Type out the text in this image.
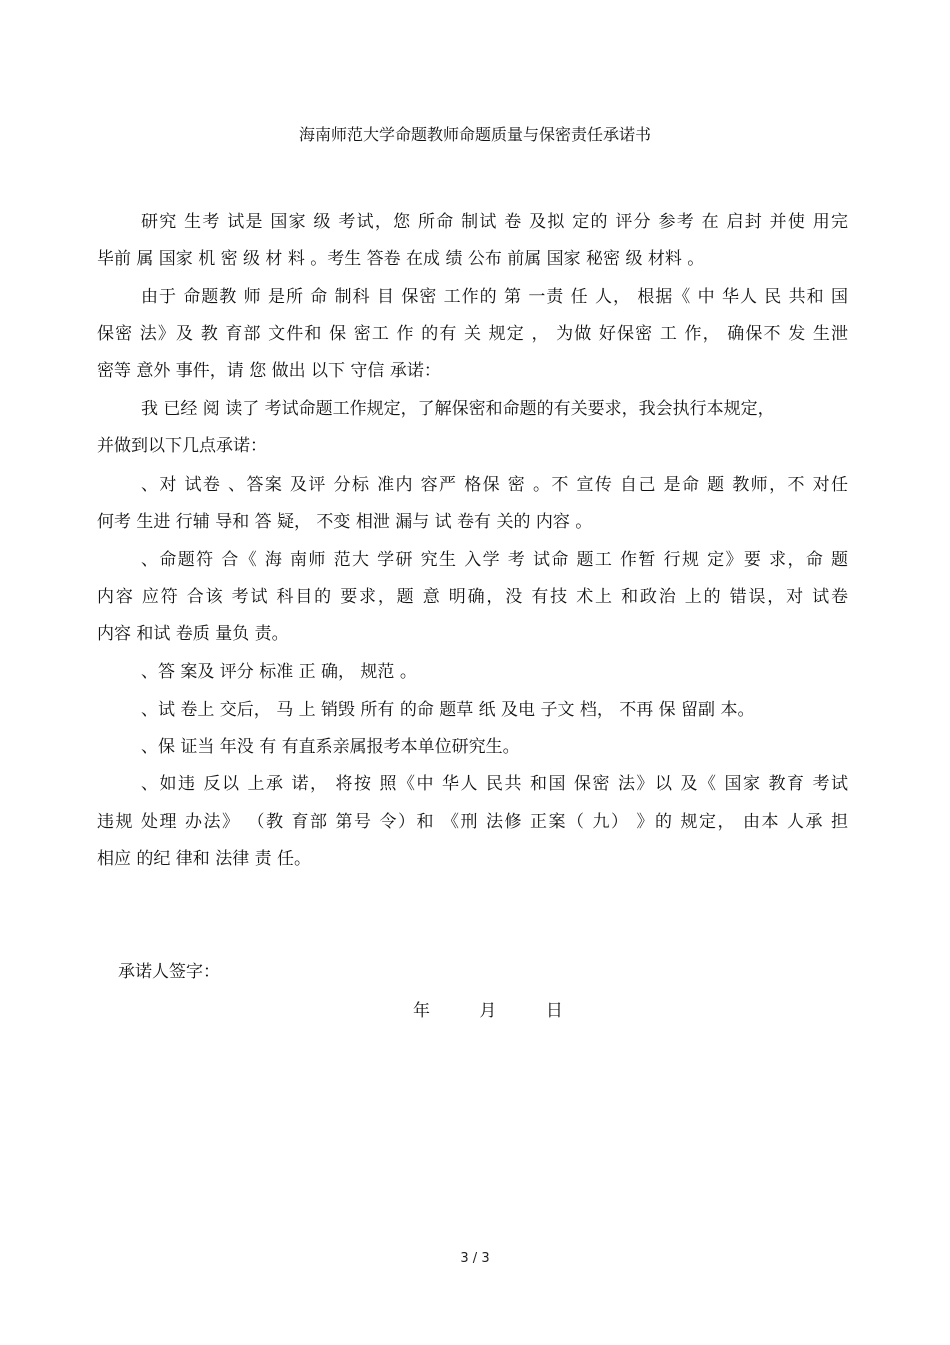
海南师范大学命题教师命题质量与保密责任承诺书
研究 生考 试是 国家 级 考试，您 所命 制试 卷 及拟 定的 评分 参考 在 启封 并使 用完
毕前 属 国家 机 密 级 材 料 。考生 答卷 在成 绩 公布 前属 国家 秘密 级 材料 。
由于 命题教 师 是所 命 制科 目 保密 工作的 第 一责 任 人， 根据《 中 华人 民 共和 国
保密 法》及 教 育部 文件和 保 密工 作 的有 关 规定 ， 为做 好保密 工 作， 确保不 发 生泄
密等 意外 事件，请 您 做出 以下 守信 承诺：
我 已经 阅 读了 考试命题工作规定，了解保密和命题的有关要求，我会执行本规定，
并做到以下几点承诺：
、对 试卷 、答案 及评 分标 准内 容严 格保 密 。不 宣传 自己 是命 题 教师，不 对任
何考 生进 行辅 导和 答 疑， 不变 相泄 漏与 试 卷有 关的 内容 。
、命题符 合《 海 南师 范大 学研 究生 入学 考 试命 题工 作暂 行规 定》要 求，命 题
内容 应符 合该 考试 科目的 要求，题 意 明确，没 有技 术上 和政治 上的 错误，对 试卷
内容 和试 卷质 量负 责。
、答 案及 评分 标准 正 确， 规范 。
、试 卷上 交后， 马 上 销毁 所有 的命 题草 纸 及电 子文 档， 不再 保 留副 本。
、保 证当 年没 有 有直系亲属报考本单位研究生。
、如违 反以 上承 诺， 将按 照《中 华人 民共 和国 保密 法》以 及《 国家 教育 考试
违规 处理 办法》 （教 育部 第号 令）和 《刑 法修 正案（ 九） 》的 规定， 由本 人承 担
相应 的纪 律和 法律 责 任。
承诺人签字：
年	月	日
3 / 3
